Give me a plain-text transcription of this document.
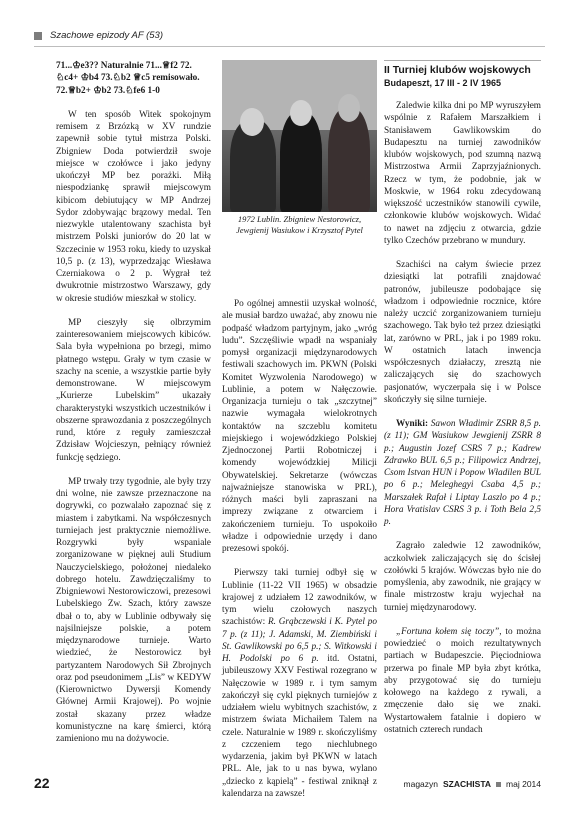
Szachowe epizody AF (53)

71...♔e3?? Naturalnie 71...♕f2 72.
♘c4+ ♔b4 73.♘b2 ♕c5 remisowało.
72.♕b2+ ♔b2 73.♘fe6 1-0

W ten sposób Witek spokojnym remisem z Brzózką w XV rundzie zapewnił sobie tytuł mistrza Polski. Zbigniew Doda potwierdził swoje miejsce w czołówce i jako jedyny ukończył MP bez porażki. Miłą niespodziankę sprawił miejscowym kibicom debiutujący w MP Andrzej Sydor zdobywając brązowy medal. Ten niezwykle utalentowany szachista był mistrzem Polski juniorów do 20 lat w Szczecinie w 1953 roku, kiedy to uzyskał 10,5 p. (z 13), wyprzedzając Wiesława Czerniakowa o 2 p. Wygrał też dwukrotnie mistrzostwo Warszawy, gdy w okresie studiów mieszkał w stolicy.

MP cieszyły się olbrzymim zainteresowaniem miejscowych kibiców. Sala była wypełniona po brzegi, mimo płatnego wstępu. Grały w tym czasie w szachy na scenie, a wszystkie partie były demonstrowane. W miejscowym „Kurierze Lubelskim” ukazały charakterystyki wszystkich uczestników i obszerne sprawozdania z poszczególnych rund, które z reguły zamieszczał Zdzisław Wojcieszyn, pełniący również funkcję sędziego.

MP trwały trzy tygodnie, ale były trzy dni wolne, nie zawsze przeznaczone na dogrywki, co pozwalało zapoznać się z miastem i zabytkami. Na współczesnych turniejach jest praktycznie niemożliwe. Rozgrywki były wspaniale zorganizowane w pięknej auli Studium Nauczycielskiego, położonej niedaleko dobrego hotelu. Zawdzięczaliśmy to Zbigniewowi Nestorowiczowi, prezesowi Lubelskiego Zw. Szach, który zawsze dbał o to, aby w Lublinie odbywały się najsilniejsze polskie, a potem międzynarodowe turnieje. Warto wiedzieć, że Nestorowicz był partyzantem Narodowych Sił Zbrojnych oraz pod pseudonimem „Lis” w KEDYW (Kierownictwo Dywersji Komendy Głównej Armii Krajowej). Po wojnie został skazany przez władze komunistyczne na karę śmierci, którą zamieniono mu na dożywocie.

1972 Lublin. Zbigniew Nestorowicz, Jewgienij Wasiukow i Krzysztof Pytel

Po ogólnej amnestii uzyskał wolność, ale musiał bardzo uważać, aby znowu nie podpaść władzom partyjnym, jako „wróg ludu”. Szczęśliwie wpadł na wspaniały pomysł organizacji międzynarodowych festiwali szachowych im. PKWN (Polski Komitet Wyzwolenia Narodowego) w Lublinie, a potem w Nałęczowie. Organizacja turnieju o tak „szczytnej” nazwie wymagała wielokrotnych kontaktów na szczeblu komitetu miejskiego i wojewódzkiego Polskiej Zjednoczonej Partii Robotniczej i komendy wojewódzkiej Milicji Obywatelskiej. Sekretarze (wówczas najważniejsze stanowiska w PRL), różnych maści byli zapraszani na imprezy związane z otwarciem i zakończeniem turnieju. To uspokoiło władze i odpowiednie urzędy i dano prezesowi spokój.

Pierwszy taki turniej odbył się w Lublinie (11-22 VII 1965) w obsadzie krajowej z udziałem 12 zawodników, w tym wielu czołowych naszych szachistów: R. Grąbczewski i K. Pytel po 7 p. (z 11); J. Adamski, M. Ziembiński i St. Gawlikowski po 6,5 p.; S. Witkowski i H. Podolski po 6 p. itd. Ostatni, jubileuszowy XXV Festiwal rozegrano w Nałęczowie w 1989 r. i tym samym zakończył się cykl pięknych turniejów z udziałem wielu wybitnych szachistów, z mistrzem świata Michaiłem Talem na czele. Naturalnie w 1989 r. skończyliśmy z czczeniem tego niechlubnego wydarzenia, jakim był PKWN w latach PRL. Ale, jak to u nas bywa, wylano „dziecko z kąpielą” - festiwal zniknął z kalendarza na zawsze!

II Turniej klubów wojskowych
Budapeszt, 17 III - 2 IV 1965

Zaledwie kilka dni po MP wyruszyłem wspólnie z Rafałem Marszałkiem i Stanisławem Gawlikowskim do Budapesztu na turniej zawodników klubów wojskowych, pod szumną nazwą Mistrzostwa Armii Zaprzyjaźnionych. Rzecz w tym, że podobnie, jak w Moskwie, w 1964 roku zdecydowaną większość uczestników stanowili cywile, członkowie klubów wojskowych. Widać to nawet na zdjęciu z otwarcia, gdzie tylko Czechów przebrano w mundury.

Szachiści na całym świecie przez dziesiątki lat potrafili znajdować patronów, jubileusze podobające się władzom i odpowiednie rocznice, które należy uczcić zorganizowaniem turnieju szachowego. Tak było też przez dziesiątki lat, zarówno w PRL, jak i po 1989 roku. W ostatnich latach inwencja współczesnych działaczy, zresztą nie zaliczających się do szachowych pasjonatów, wyczerpała się i w Polsce skończyły się silne turnieje.

Wyniki: Sawon Władimir ZSRR 8,5 p. (z 11); GM Wasiukow Jewgienij ZSRR 8 p.; Augustin Jozef CSRS 7 p.; Kadrew Zdrawko BUL 6,5 p.; Filipowicz Andrzej, Csom Istvan HUN i Popow Władilen BUL po 6 p.; Meleghegyi Csaba 4,5 p.; Marszałek Rafał i Liptay Laszlo po 4 p.; Hora Vratislav CSRS 3 p. i Toth Bela 2,5 p.

Zagrało zaledwie 12 zawodników, aczkolwiek zaliczających się do ścisłej czołówki 5 krajów. Wówczas było nie do pomyślenia, aby zawodnik, nie grający w finale mistrzostw kraju wyjechał na turniej międzynarodowy.

„Fortuna kołem się toczy”, to można powiedzieć o moich rezultatywnych partiach w Budapeszcie. Pięciodniowa przerwa po finale MP była zbyt krótka, aby przygotować się do turnieju kołowego na każdego z rywali, a zmęczenie dało się we znaki. Wystartowałem fatalnie i dopiero w ostatnich czterech rundach

22	magazyn SZACHISTA maj 2014
